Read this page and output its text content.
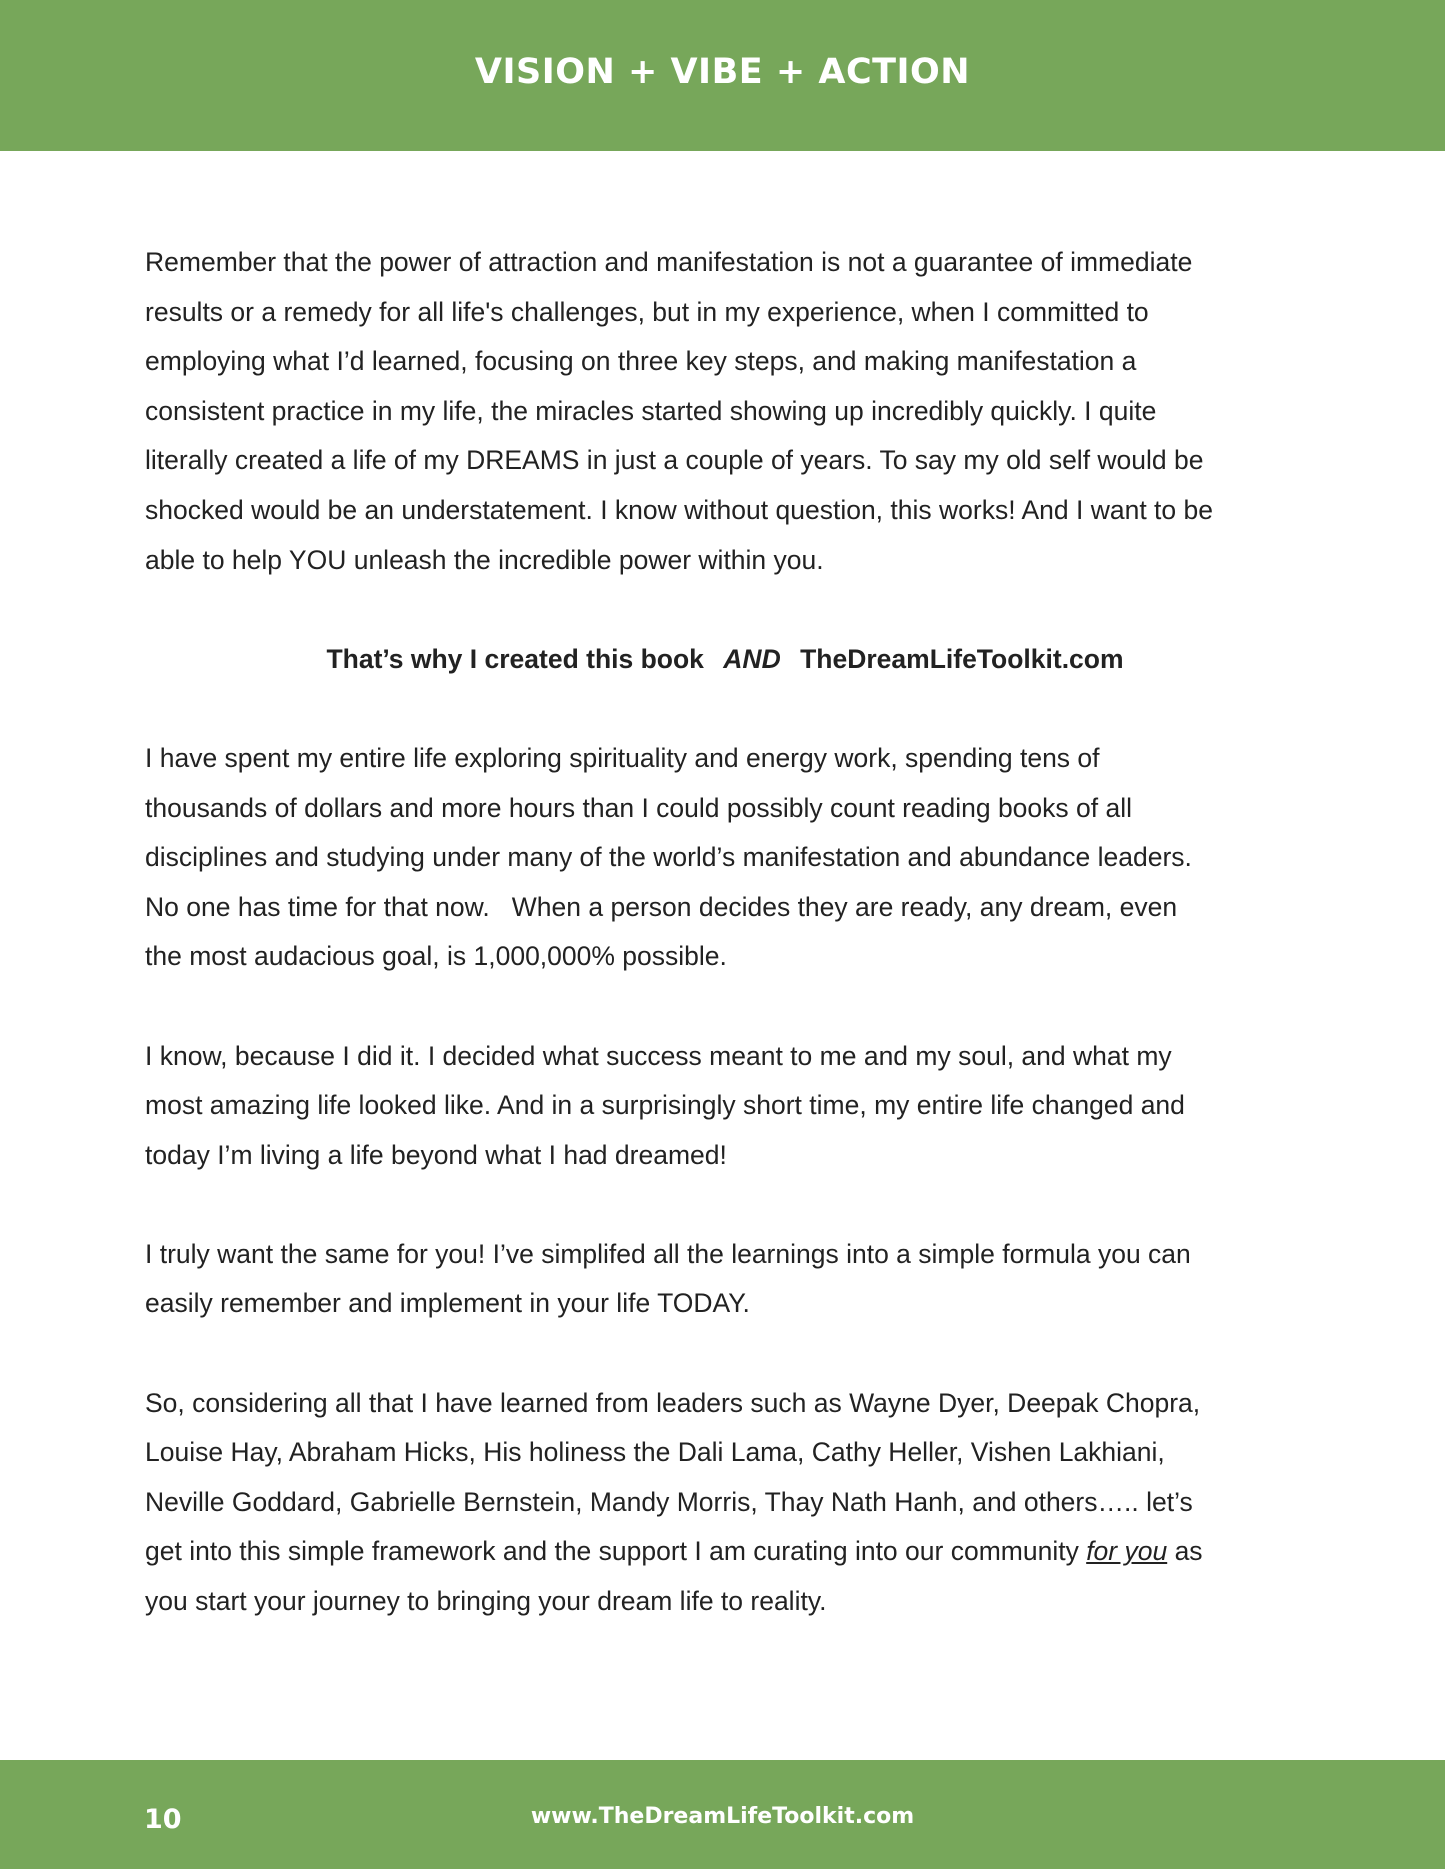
VISION + VIBE + ACTION

Remember that the power of attraction and manifestation is not a guarantee of immediate
results or a remedy for all life's challenges, but in my experience, when I committed to
employing what I’d learned, focusing on three key steps, and making manifestation a
consistent practice in my life, the miracles started showing up incredibly quickly. I quite
literally created a life of my DREAMS in just a couple of years. To say my old self would be
shocked would be an understatement. I know without question, this works! And I want to be
able to help YOU unleash the incredible power within you.

That’s why I created this book AND TheDreamLifeToolkit.com

I have spent my entire life exploring spirituality and energy work, spending tens of
thousands of dollars and more hours than I could possibly count reading books of all
disciplines and studying under many of the world’s manifestation and abundance leaders.
No one has time for that now.   When a person decides they are ready, any dream, even
the most audacious goal, is 1,000,000% possible.

I know, because I did it. I decided what success meant to me and my soul, and what my
most amazing life looked like. And in a surprisingly short time, my entire life changed and
today I’m living a life beyond what I had dreamed!

I truly want the same for you! I’ve simplifed all the learnings into a simple formula you can
easily remember and implement in your life TODAY.

So, considering all that I have learned from leaders such as Wayne Dyer, Deepak Chopra,
Louise Hay, Abraham Hicks, His holiness the Dali Lama, Cathy Heller, Vishen Lakhiani,
Neville Goddard, Gabrielle Bernstein, Mandy Morris, Thay Nath Hanh, and others….. let’s
get into this simple framework and the support I am curating into our community for you as
you start your journey to bringing your dream life to reality.

10	www.TheDreamLifeToolkit.com
